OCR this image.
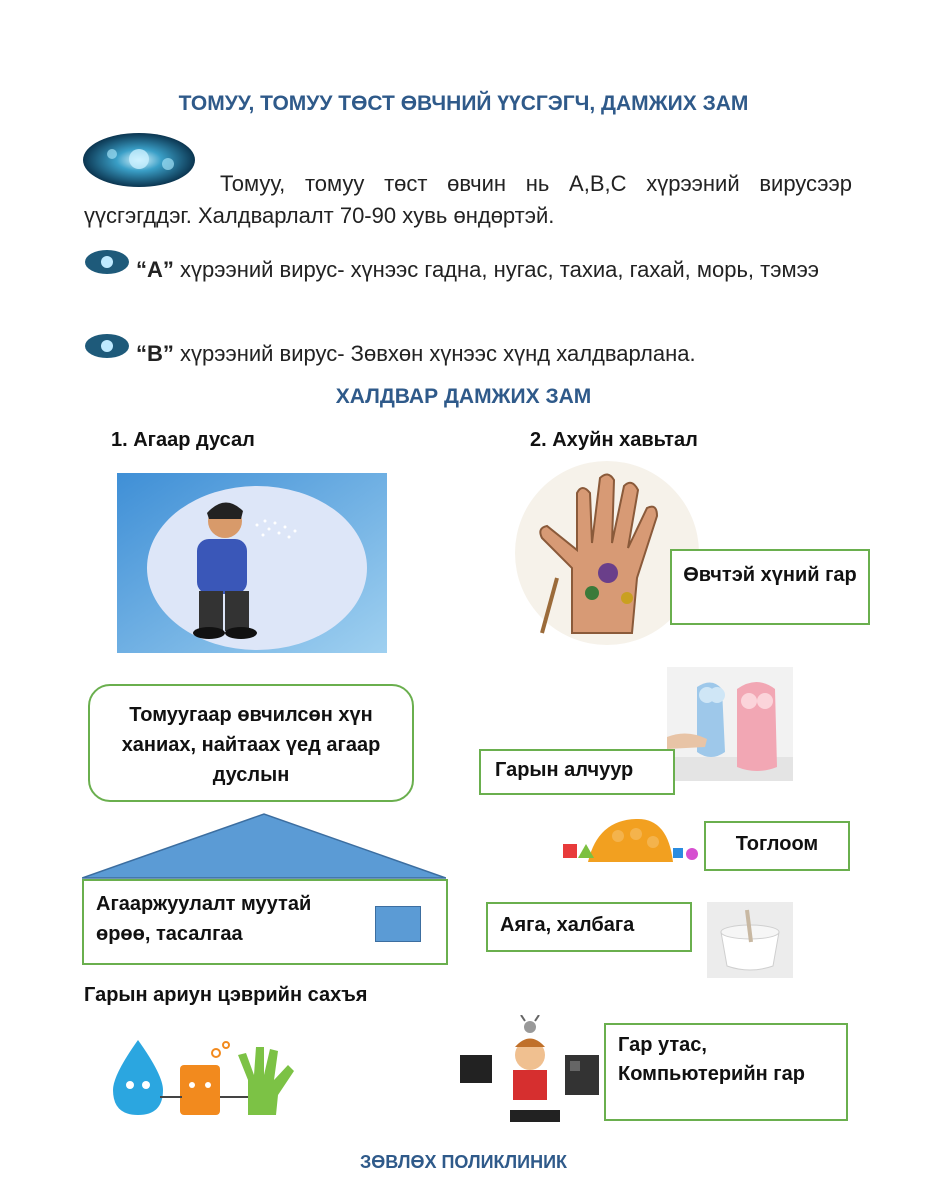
ТОМУУ, ТОМУУ ТӨСТ ӨВЧНИЙ ҮҮСГЭГЧ, ДАМЖИХ ЗАМ
Томуу, томуу төст өвчин нь А,В,С хүрээний вирусээр үүсгэгддэг. Халдварлалт 70-90 хувь өндөртэй.
“A” хүрээний вирус- хүнээс гадна, нугас, тахиа, гахай, морь, тэмээ
“B” хүрээний вирус- Зөвхөн хүнээс хүнд халдварлана.
ХАЛДВАР ДАМЖИХ ЗАМ
1. Агаар дусал	2. Ахуйн хавьтал
Өвчтэй хүний гар
Томуугаар өвчилсөн хүн ханиах, найтаах үед агаар дуслын	Гарын алчуур
Тоглоом
Агааржуулалт муутай өрөө, тасалгаа	Аяга, халбага
Гарын ариун цэврийн сахъя
Гар утас, Компьютерийн гар
ЗӨВЛӨХ ПОЛИКЛИНИК
